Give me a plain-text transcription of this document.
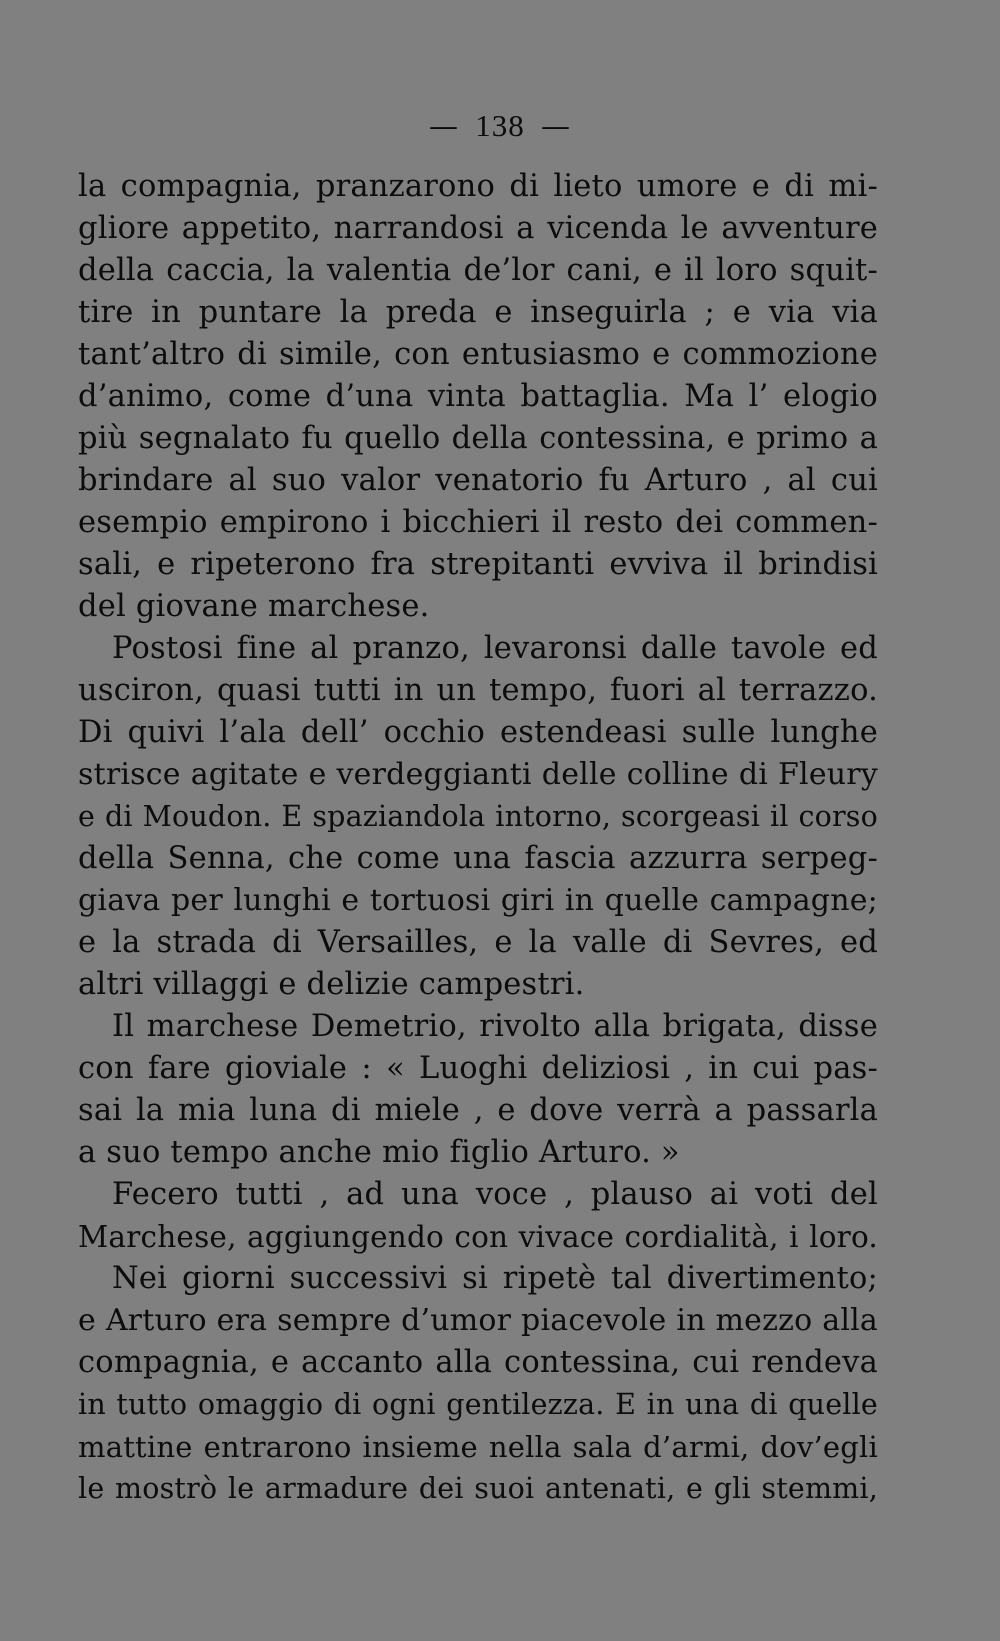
— 138 —
la compagnia, pranzarono di lieto umore e di mi-
gliore appetito, narrandosi a vicenda le avventure
della caccia, la valentia de’lor cani, e il loro squit-
tire in puntare la preda e inseguirla ; e via via
tant’altro di simile, con entusiasmo e commozione
d’animo, come d’una vinta battaglia. Ma l’ elogio
più segnalato fu quello della contessina, e primo a
brindare al suo valor venatorio fu Arturo , al cui
esempio empirono i bicchieri il resto dei commen-
sali, e ripeterono fra strepitanti evviva il brindisi
del giovane marchese.
Postosi fine al pranzo, levaronsi dalle tavole ed
usciron, quasi tutti in un tempo, fuori al terrazzo.
Di quivi l’ala dell’ occhio estendeasi sulle lunghe
strisce agitate e verdeggianti delle colline di Fleury
e di Moudon. E spaziandola intorno, scorgeasi il corso
della Senna, che come una fascia azzurra serpeg-
giava per lunghi e tortuosi giri in quelle campagne;
e la strada di Versailles, e la valle di Sevres, ed
altri villaggi e delizie campestri.
Il marchese Demetrio, rivolto alla brigata, disse
con fare gioviale : « Luoghi deliziosi , in cui pas-
sai la mia luna di miele , e dove verrà a passarla
a suo tempo anche mio figlio Arturo. »
Fecero tutti , ad una voce , plauso ai voti del
Marchese, aggiungendo con vivace cordialità, i loro.
Nei giorni successivi si ripetè tal divertimento;
e Arturo era sempre d’umor piacevole in mezzo alla
compagnia, e accanto alla contessina, cui rendeva
in tutto omaggio di ogni gentilezza. E in una di quelle
mattine entrarono insieme nella sala d’armi, dov’egli
le mostrò le armadure dei suoi antenati, e gli stemmi,
